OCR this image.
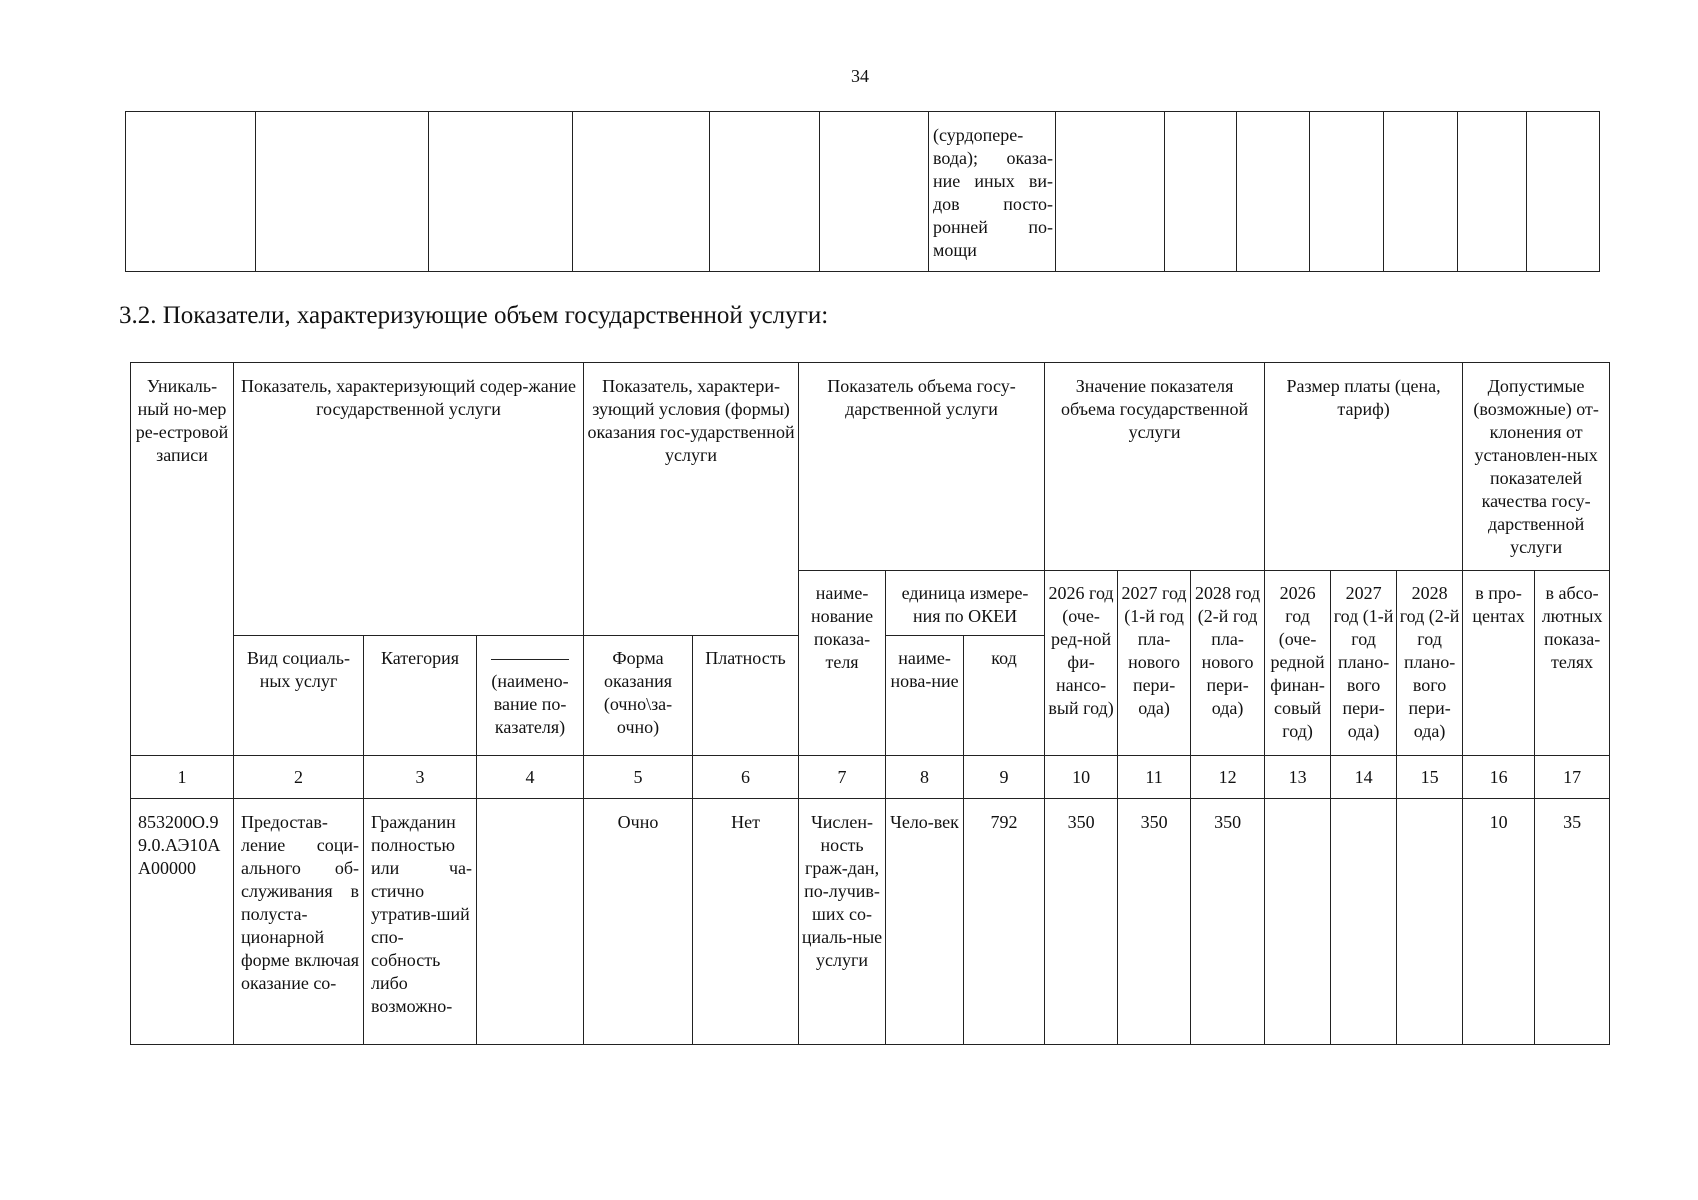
34

(сурдопере-вода); оказа-ние иных ви-дов посто-ронней по-мощи

3.2. Показатели, характеризующие объем государственной услуги:
Уникаль-ный но-мер ре-естровой записи	Показатель, характеризующий содер-жание государственной услуги			Показатель, характери-зующий условия (формы) оказания гос-ударственной услуги		Показатель объема госу-дарственной услуги			Значение показателя объема государственной услуги			Размер платы (цена, тариф)			Допустимые (возможные) от-клонения от установлен-ных показателей качества госу-дарственной услуги	
						наиме-нование показа-теля	единица измере-ния по ОКЕИ		2026 год (оче-ред-ной фи-нансо-вый год)	2027 год (1-й год пла-нового пери-ода)	2028 год (2-й год пла-нового пери-ода)	2026 год (оче-редной финан-совый год)	2027 год (1-й год плано-вого пери-ода)	2028 год (2-й год плано-вого пери-ода)	в про-центах	в абсо-лютных показа-телях
	Вид социаль-ных услуг	Категория	(наимено-вание по-казателя)	Форма оказания (очно\за-очно)	Платность		наиме-нова-ние	код								
1	2	3	4	5	6	7	8	9	10	11	12	13	14	15	16	17
853200О.99.0.АЭ10АА00000	Предостав-ление соци-ального об-служивания в полуста-ционарной форме включая оказание со-	Гражданин полностью или ча-стично утратив-ший спо-собность либо возможно-		Очно	Нет	Числен-ность граж-дан, по-лучив-ших со-циаль-ные услуги	Чело-век	792	350	350	350				10	35
